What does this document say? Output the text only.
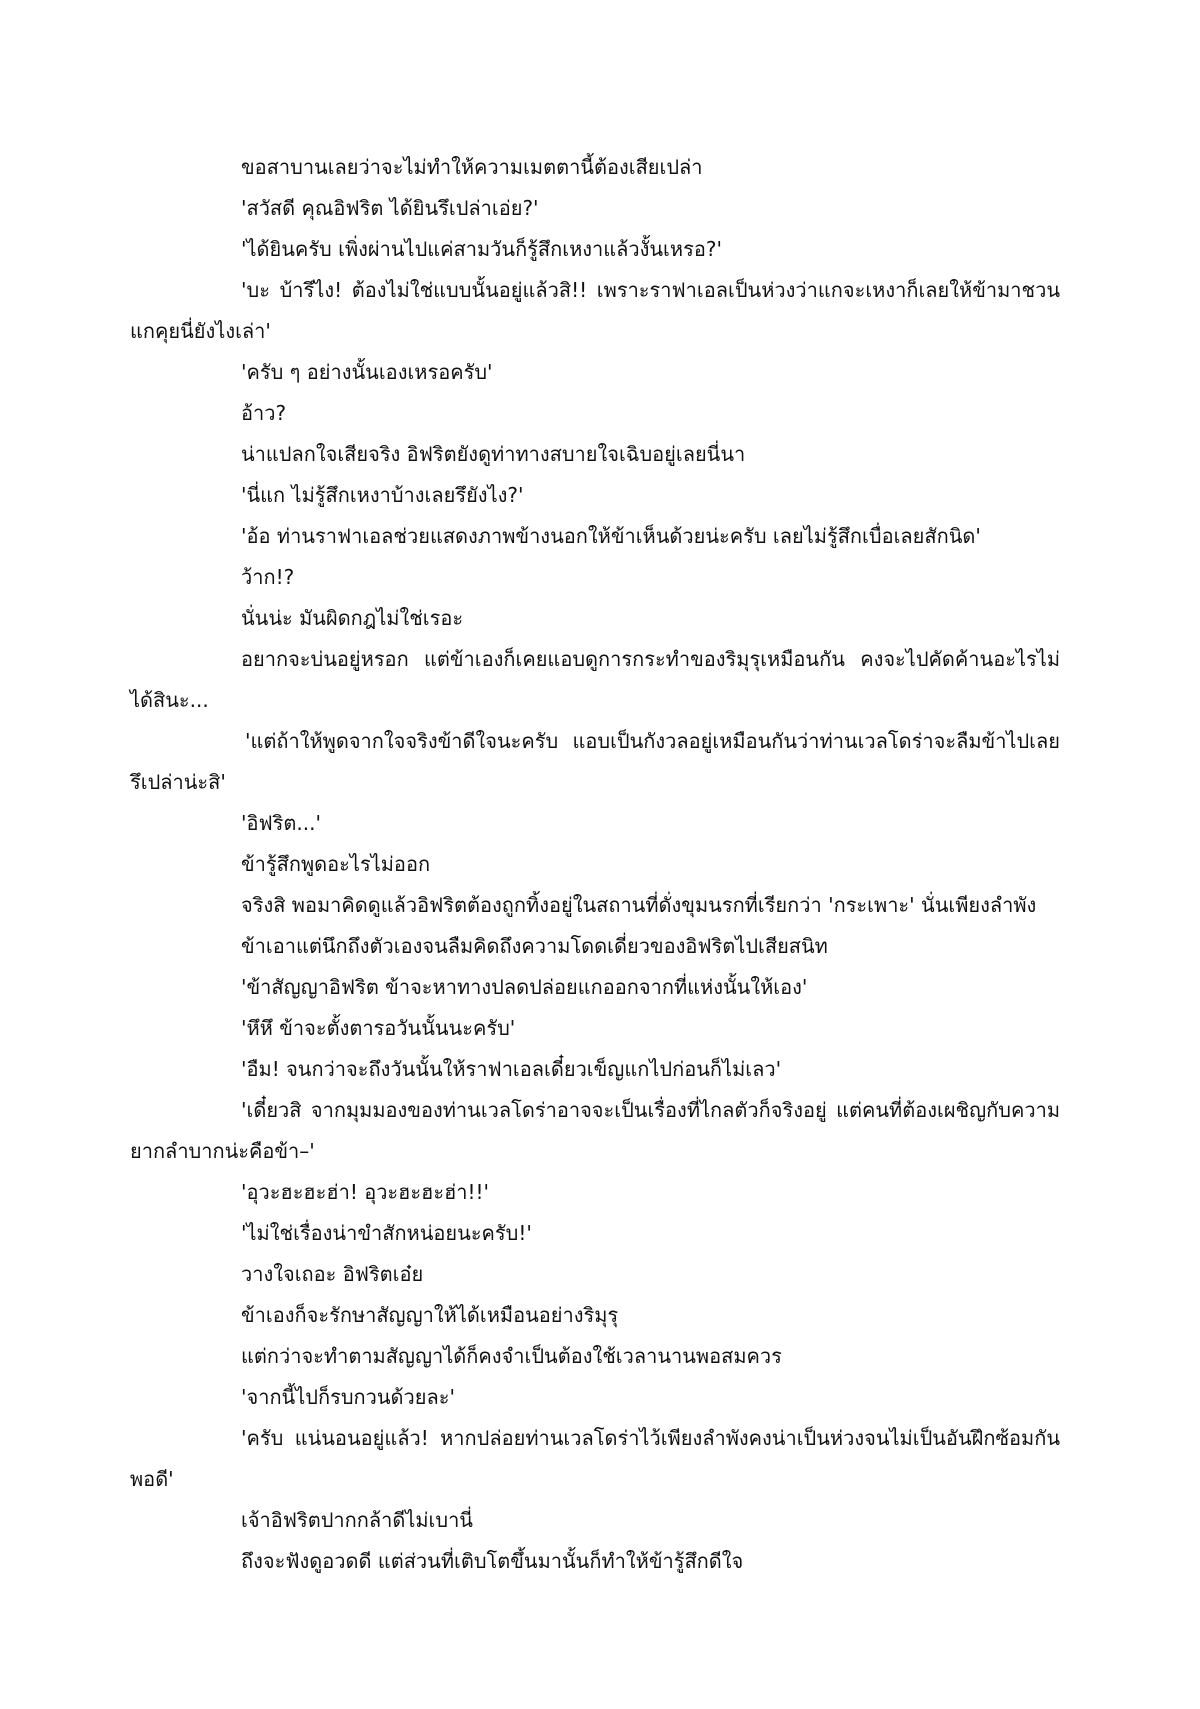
ขอสาบานเลยว่าจะไม่ทำให้ความเมตตานี้ต้องเสียเปล่า

'สวัสดี คุณอิฟริต ได้ยินรึเปล่าเอ่ย?'

'ได้ยินครับ เพิ่งผ่านไปแค่สามวันก็รู้สึกเหงาแล้วงั้นเหรอ?'

'บะ บ้ารึไง! ต้องไม่ใช่แบบนั้นอยู่แล้วสิ!! เพราะราฟาเอลเป็นห่วงว่าแกจะเหงาก็เลยให้ข้ามาชวนแกคุยนี่ยังไงเล่า'

'ครับ ๆ อย่างนั้นเองเหรอครับ'

อ้าว?

น่าแปลกใจเสียจริง อิฟริตยังดูท่าทางสบายใจเฉิบอยู่เลยนี่นา

'นี่แก ไม่รู้สึกเหงาบ้างเลยรึยังไง?'

'อ้อ ท่านราฟาเอลช่วยแสดงภาพข้างนอกให้ข้าเห็นด้วยน่ะครับ เลยไม่รู้สึกเบื่อเลยสักนิด'

ว้าก!?

นั่นน่ะ มันผิดกฎไม่ใช่เรอะ

อยากจะบ่นอยู่หรอก แต่ข้าเองก็เคยแอบดูการกระทำของริมุรุเหมือนกัน คงจะไปคัดค้านอะไรไม่ได้สินะ...

'แต่ถ้าให้พูดจากใจจริงข้าดีใจนะครับ แอบเป็นกังวลอยู่เหมือนกันว่าท่านเวลโดร่าจะลืมข้าไปเลยรึเปล่าน่ะสิ'

'อิฟริต...'

ข้ารู้สึกพูดอะไรไม่ออก

จริงสิ พอมาคิดดูแล้วอิฟริตต้องถูกทิ้งอยู่ในสถานที่ดั่งขุมนรกที่เรียกว่า 'กระเพาะ' นั่นเพียงลำพัง

ข้าเอาแต่นึกถึงตัวเองจนลืมคิดถึงความโดดเดี่ยวของอิฟริตไปเสียสนิท

'ข้าสัญญาอิฟริต ข้าจะหาทางปลดปล่อยแกออกจากที่แห่งนั้นให้เอง'

'หึหึ ข้าจะตั้งตารอวันนั้นนะครับ'

'อืม! จนกว่าจะถึงวันนั้นให้ราฟาเอลเดี๋ยวเข็ญแกไปก่อนก็ไม่เลว'

'เดี๋ยวสิ จากมุมมองของท่านเวลโดร่าอาจจะเป็นเรื่องที่ไกลตัวก็จริงอยู่ แต่คนที่ต้องเผชิญกับความยากลำบากน่ะคือข้า–'

'อุวะฮะฮะฮ่า! อุวะฮะฮะฮ่า!!'

'ไม่ใช่เรื่องน่าขำสักหน่อยนะครับ!'

วางใจเถอะ อิฟริตเอ๋ย

ข้าเองก็จะรักษาสัญญาให้ได้เหมือนอย่างริมุรุ

แต่กว่าจะทำตามสัญญาได้ก็คงจำเป็นต้องใช้เวลานานพอสมควร

'จากนี้ไปก็รบกวนด้วยละ'

'ครับ แน่นอนอยู่แล้ว! หากปล่อยท่านเวลโดร่าไว้เพียงลำพังคงน่าเป็นห่วงจนไม่เป็นอันฝึกซ้อมกันพอดี'

เจ้าอิฟริตปากกล้าดีไม่เบานี่

ถึงจะฟังดูอวดดี แต่ส่วนที่เติบโตขึ้นมานั้นก็ทำให้ข้ารู้สึกดีใจ
